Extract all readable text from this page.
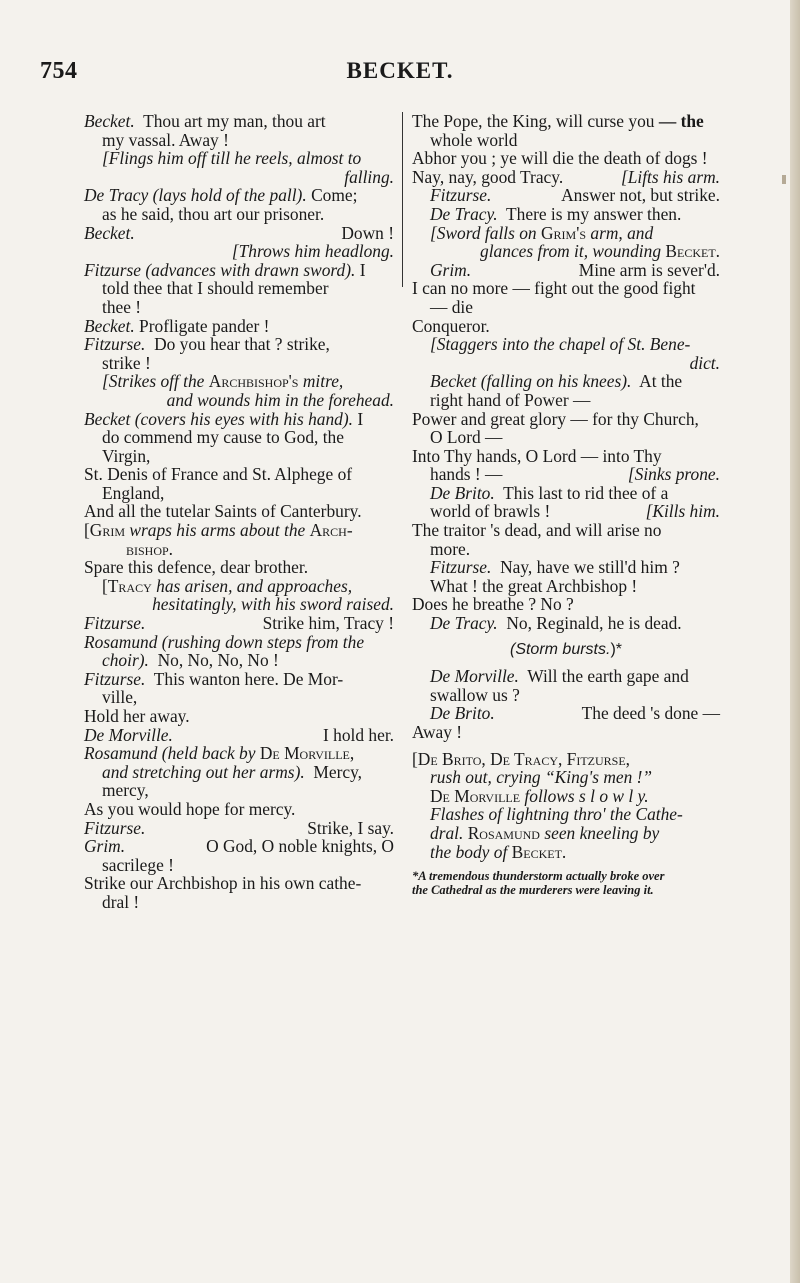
754	BECKET.
Becket. Thou art my man, thou art
my vassal. Away !
[Flings him off till he reels, almost to
falling.
De Tracy (lays hold of the pall). Come;
as he said, thou art our prisoner.
Becket.	Down !
[Throws him headlong.
Fitzurse (advances with drawn sword). I
told thee that I should remember
thee !
Becket. Profligate pander !
Fitzurse. Do you hear that ? strike,
strike !
[Strikes off the Archbishop's mitre,
and wounds him in the forehead.
Becket (covers his eyes with his hand). I
do commend my cause to God, the
Virgin,
St. Denis of France and St. Alphege of
England,
And all the tutelar Saints of Canterbury.
[Grim wraps his arms about the Arch-
bishop.
Spare this defence, dear brother.
[Tracy has arisen, and approaches,
hesitatingly, with his sword raised.
Fitzurse.	Strike him, Tracy !
Rosamund (rushing down steps from the
choir). No, No, No, No !
Fitzurse. This wanton here. De Mor-
ville,
Hold her away.
De Morville.	I hold her.
Rosamund (held back by De Morville,
and stretching out her arms). Mercy,
mercy,
As you would hope for mercy.
Fitzurse.	Strike, I say.
Grim.	O God, O noble knights, O
sacrilege !
Strike our Archbishop in his own cathe-
dral !
The Pope, the King, will curse you — the
whole world
Abhor you ; ye will die the death of dogs !
Nay, nay, good Tracy.	[Lifts his arm.
Fitzurse.	Answer not, but strike.
De Tracy. There is my answer then.
[Sword falls on Grim's arm, and
glances from it, wounding Becket.
Grim.	Mine arm is sever'd.
I can no more — fight out the good fight
— die
Conqueror.
[Staggers into the chapel of St. Bene-
dict.
Becket (falling on his knees). At the
right hand of Power —
Power and great glory — for thy Church,
O Lord —
Into Thy hands, O Lord — into Thy
hands ! —	[Sinks prone.
De Brito. This last to rid thee of a
world of brawls !	[Kills him.
The traitor 's dead, and will arise no
more.
Fitzurse. Nay, have we still'd him ?
What ! the great Archbishop !
Does he breathe ? No ?
De Tracy. No, Reginald, he is dead.
(Storm bursts.)*
De Morville. Will the earth gape and
swallow us ?
De Brito.	The deed 's done —
Away !
[De Brito, De Tracy, Fitzurse,
rush out, crying “King's men !”
De Morville follows s l o w l y.
Flashes of lightning thro' the Cathe-
dral. Rosamund seen kneeling by
the body of Becket.
*A tremendous thunderstorm actually broke over
the Cathedral as the murderers were leaving it.
